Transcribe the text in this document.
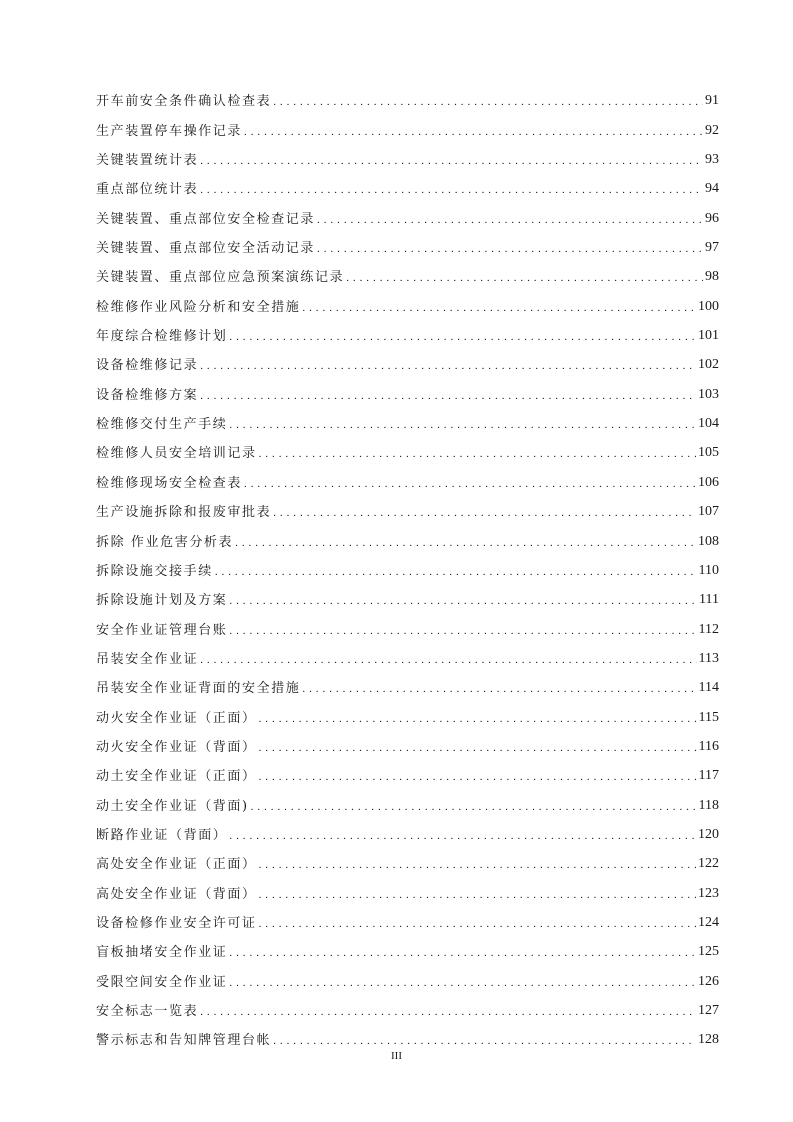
开车前安全条件确认检查表 . . .	91
生产装置停车操作记录 . . .	92
关键装置统计表 . . .	93
重点部位统计表 . . .	94
关键装置、重点部位安全检查记录 . . .	96
关键装置、重点部位安全活动记录 . . .	97
关键装置、重点部位应急预案演练记录 . . .	98
检维修作业风险分析和安全措施 . . .	100
年度综合检维修计划 . . .	101
设备检维修记录 . . .	102
设备检维修方案 . . .	103
检维修交付生产手续 . . .	104
检维修人员安全培训记录 . . .	105
检维修现场安全检查表 . . .	106
生产设施拆除和报废审批表 . . .	107
拆除 作业危害分析表 . . .	108
拆除设施交接手续 . . .	110
拆除设施计划及方案 . . .	111
安全作业证管理台账 . . .	112
吊装安全作业证 . . .	113
吊装安全作业证背面的安全措施 . . .	114
动火安全作业证（正面） . . .	115
动火安全作业证（背面） . . .	116
动土安全作业证（正面） . . .	117
动土安全作业证（背面) . . .	118
断路作业证（背面） . . .	120
高处安全作业证（正面） . . .	122
高处安全作业证（背面） . . .	123
设备检修作业安全许可证 . . .	124
盲板抽堵安全作业证 . . .	125
受限空间安全作业证 . . .	126
安全标志一览表 . . .	127
警示标志和告知牌管理台帐 . . .	128
III
